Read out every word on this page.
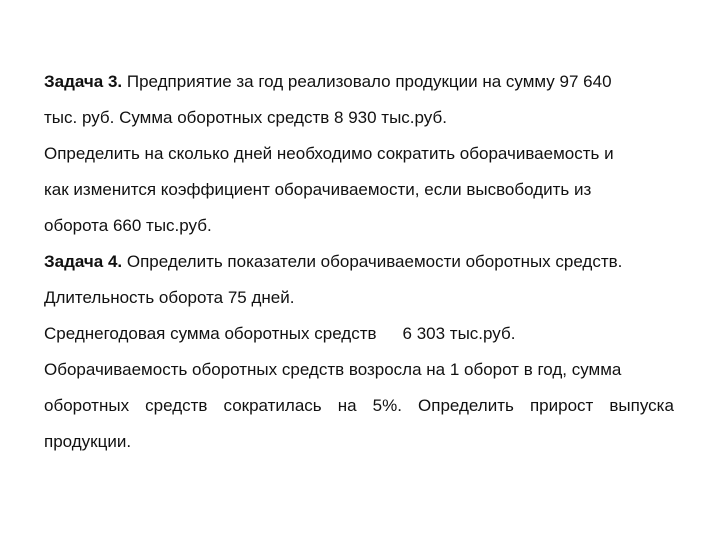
Задача 3. Предприятие за год реализовало продукции на сумму 97 640
тыс. руб. Сумма оборотных средств 8 930 тыс.руб.
Определить на сколько дней необходимо сократить оборачиваемость и
как изменится коэффициент оборачиваемости, если высвободить из
оборота 660 тыс.руб.
Задача 4. Определить показатели оборачиваемости оборотных средств.
Длительность оборота 75 дней.
Среднегодовая сумма оборотных средств 6 303 тыс.руб.
Оборачиваемость оборотных средств возросла на 1 оборот в год, сумма
оборотных средств сократилась на 5%. Определить прирост выпуска
продукции.
